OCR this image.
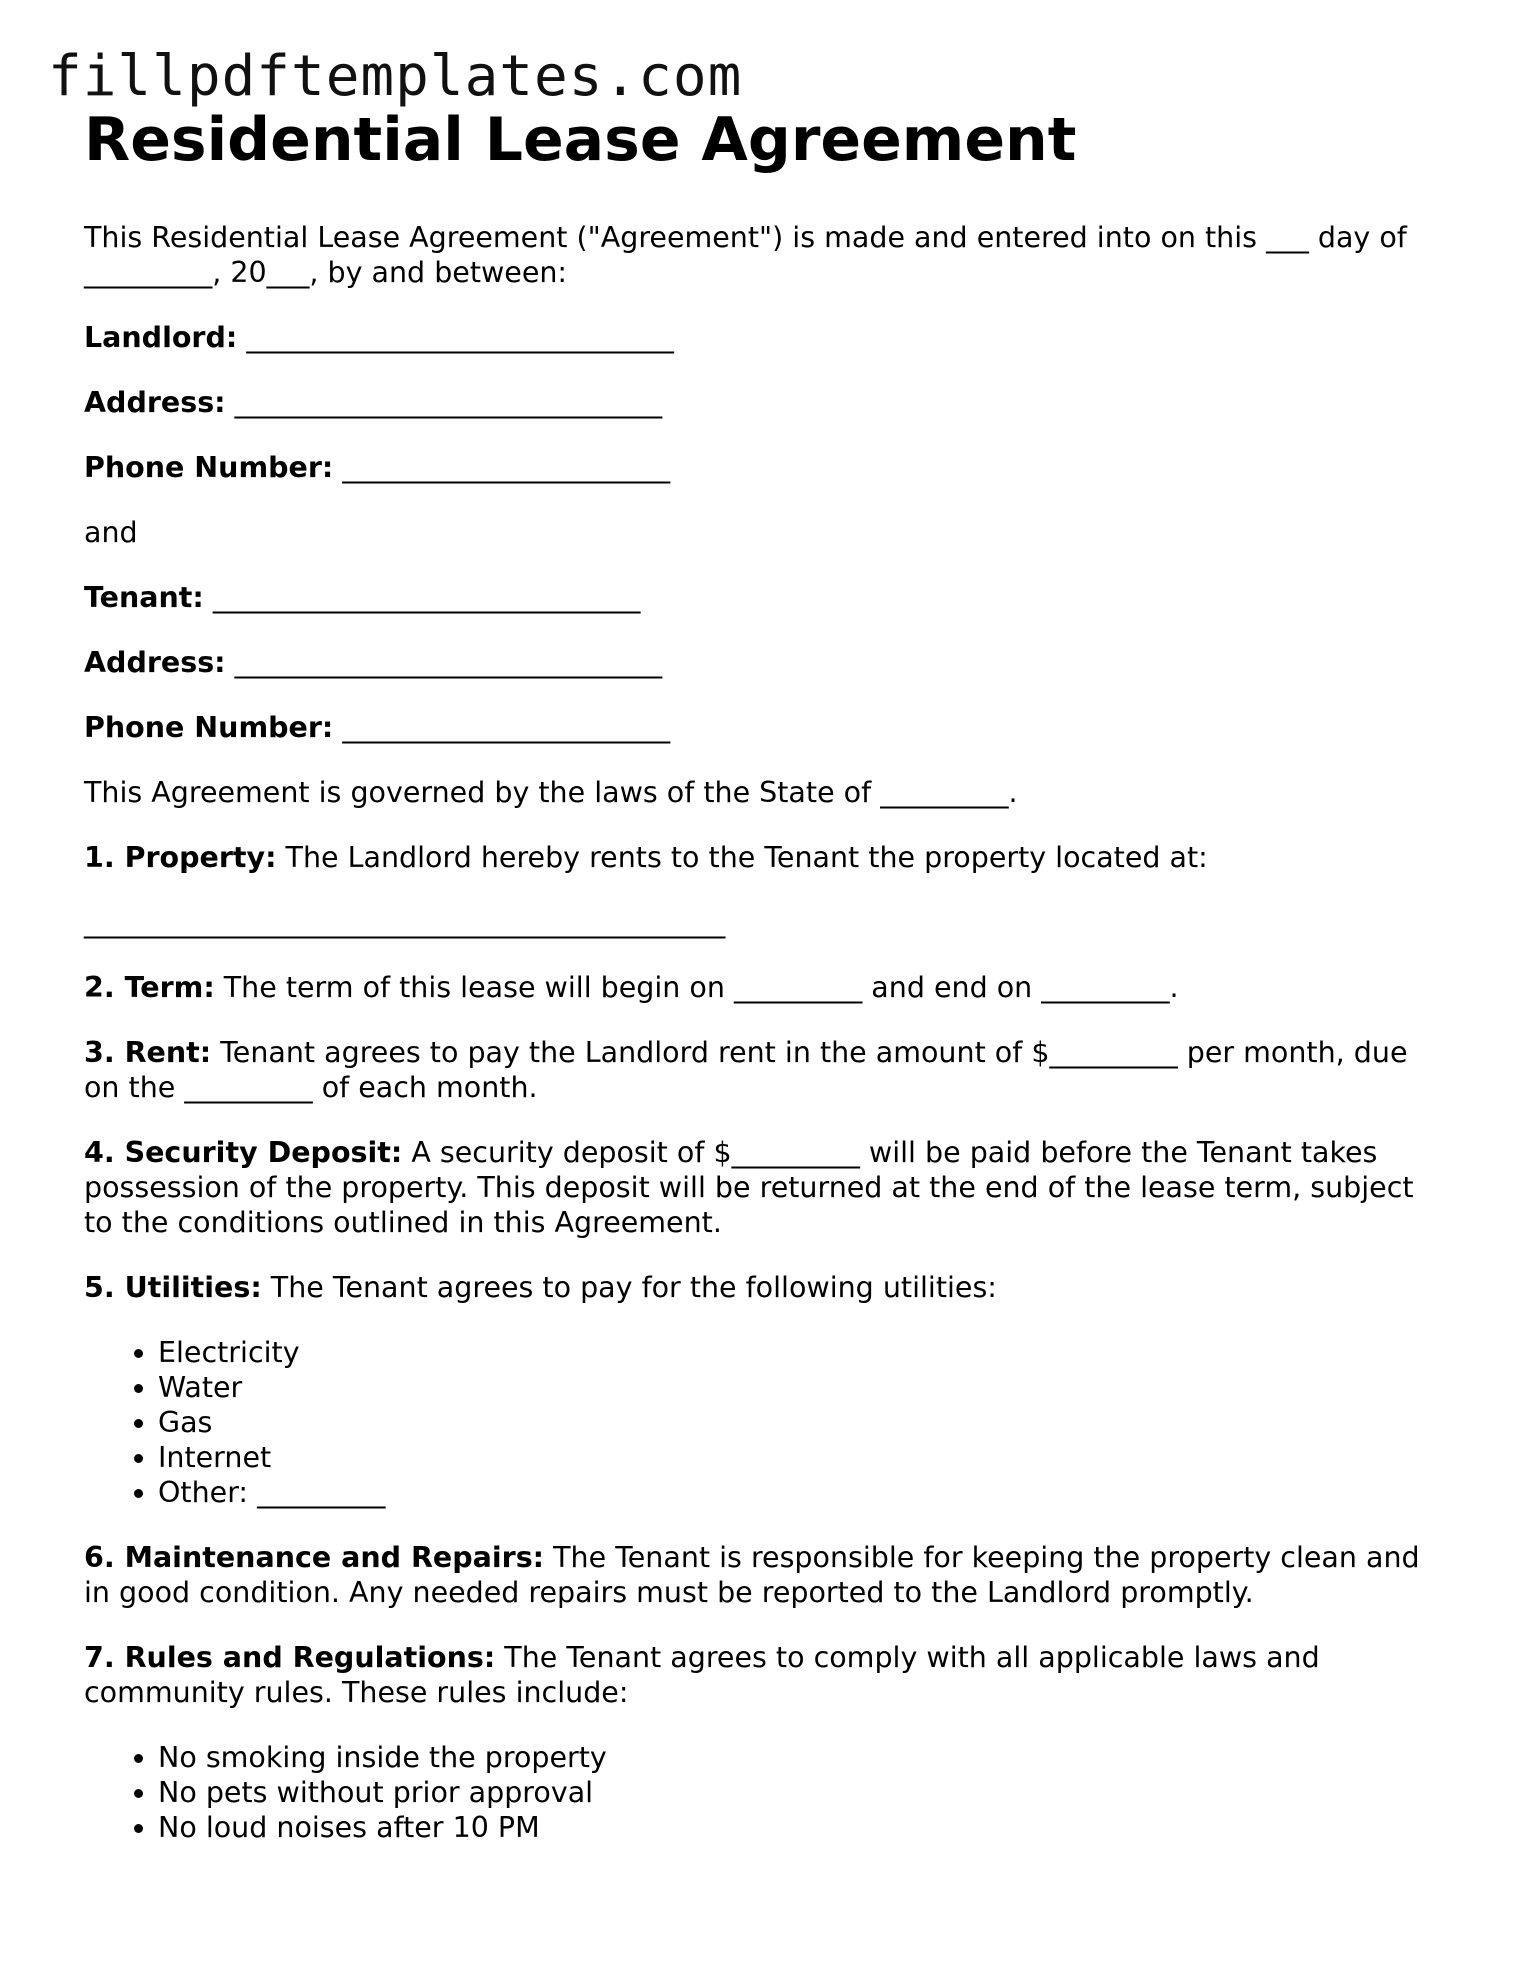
fillpdftemplates.com
Residential Lease Agreement

This Residential Lease Agreement ("Agreement") is made and entered into on this ___ day of _________, 20___, by and between:

Landlord: ______________________________

Address: ______________________________

Phone Number: _______________________

and

Tenant: ______________________________

Address: ______________________________

Phone Number: _______________________

This Agreement is governed by the laws of the State of _________.

1. Property: The Landlord hereby rents to the Tenant the property located at:

_____________________________________________

2. Term: The term of this lease will begin on _________ and end on _________.

3. Rent: Tenant agrees to pay the Landlord rent in the amount of $_________ per month, due on the _________ of each month.

4. Security Deposit: A security deposit of $_________ will be paid before the Tenant takes possession of the property. This deposit will be returned at the end of the lease term, subject to the conditions outlined in this Agreement.

5. Utilities: The Tenant agrees to pay for the following utilities:

• Electricity
• Water
• Gas
• Internet
• Other: _________

6. Maintenance and Repairs: The Tenant is responsible for keeping the property clean and in good condition. Any needed repairs must be reported to the Landlord promptly.

7. Rules and Regulations: The Tenant agrees to comply with all applicable laws and community rules. These rules include:

• No smoking inside the property
• No pets without prior approval
• No loud noises after 10 PM
